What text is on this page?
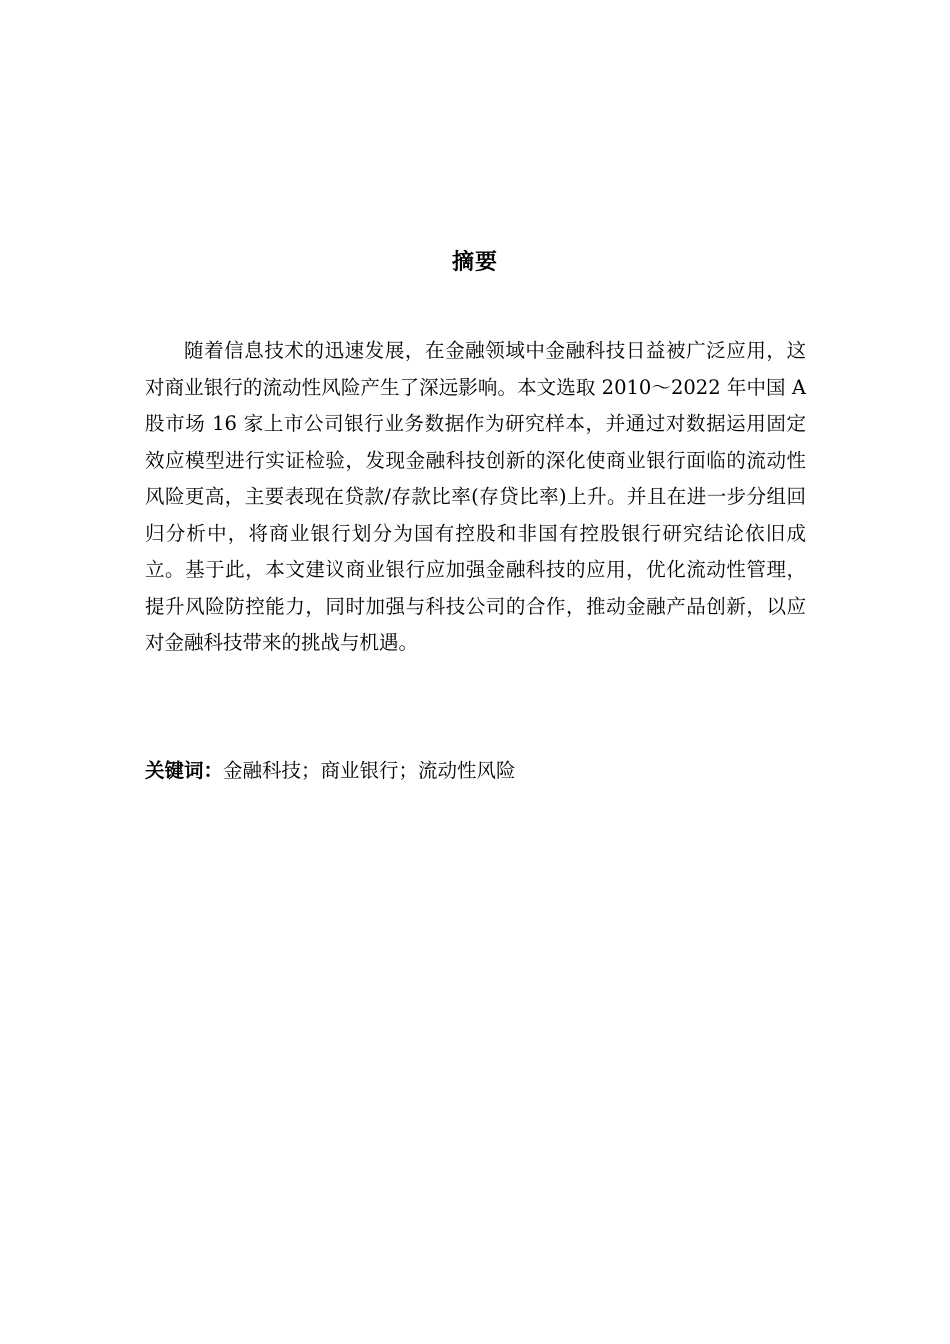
摘要

随着信息技术的迅速发展，在金融领域中金融科技日益被广泛应用，这对商业银行的流动性风险产生了深远影响。本文选取 2010～2022 年中国 A 股市场 16 家上市公司银行业务数据作为研究样本，并通过对数据运用固定效应模型进行实证检验，发现金融科技创新的深化使商业银行面临的流动性风险更高，主要表现在贷款/存款比率(存贷比率)上升。并且在进一步分组回归分析中，将商业银行划分为国有控股和非国有控股银行研究结论依旧成立。基于此，本文建议商业银行应加强金融科技的应用，优化流动性管理，提升风险防控能力，同时加强与科技公司的合作，推动金融产品创新，以应对金融科技带来的挑战与机遇。

关键词：金融科技；商业银行；流动性风险
